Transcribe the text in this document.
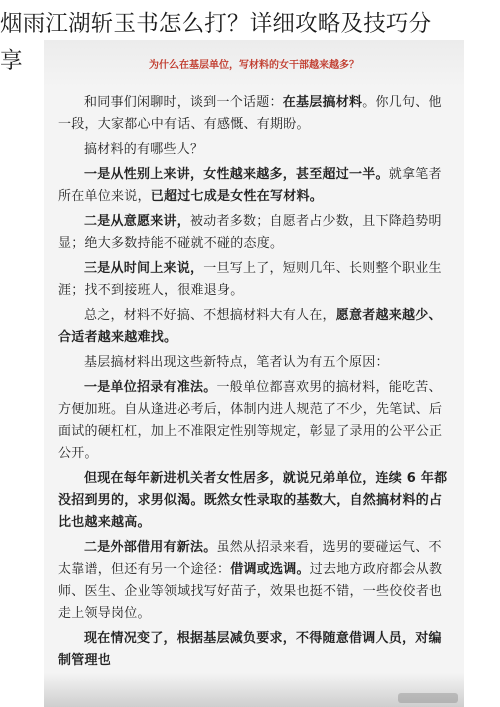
烟雨江湖斩玉书怎么打？详细攻略及技巧分
享	为什么在基层单位，写材料的女干部越来越多？

和同事们闲聊时，谈到一个话题：在基层搞材料。你几句、他一段，大家都心中有话、有感慨、有期盼。

搞材料的有哪些人？

一是从性别上来讲，女性越来越多，甚至超过一半。就拿笔者所在单位来说，已超过七成是女性在写材料。

二是从意愿来讲，被动者多数；自愿者占少数，且下降趋势明显；绝大多数持能不碰就不碰的态度。

三是从时间上来说，一旦写上了，短则几年、长则整个职业生涯；找不到接班人，很难退身。

总之，材料不好搞、不想搞材料大有人在，愿意者越来越少、合适者越来越难找。

基层搞材料出现这些新特点，笔者认为有五个原因：

一是单位招录有准法。一般单位都喜欢男的搞材料，能吃苦、方便加班。自从逢进必考后，体制内进人规范了不少，先笔试、后面试的硬杠杠，加上不准限定性别等规定，彰显了录用的公平公正公开。

但现在每年新进机关者女性居多，就说兄弟单位，连续 6 年都没招到男的，求男似渴。既然女性录取的基数大，自然搞材料的占比也越来越高。

二是外部借用有新法。虽然从招录来看，选男的要碰运气、不太靠谱，但还有另一个途径：借调或选调。过去地方政府都会从教师、医生、企业等领域找写好苗子，效果也挺不错，一些佼佼者也走上领导岗位。

现在情况变了，根据基层减负要求，不得随意借调人员，对编制管理也
